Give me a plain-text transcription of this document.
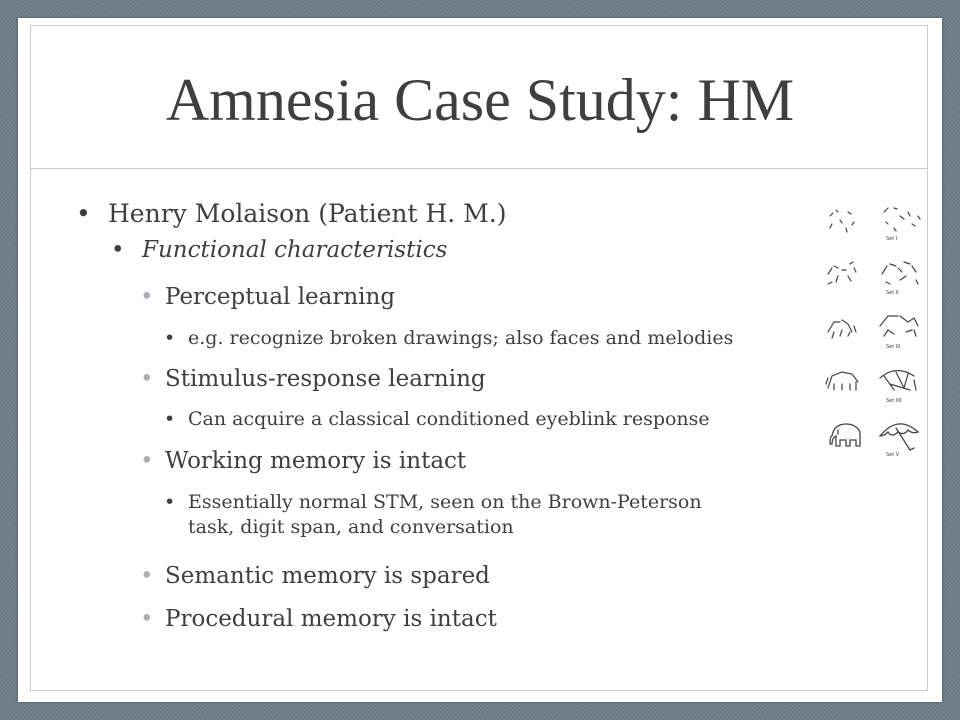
Amnesia Case Study: HM
• Henry Molaison (Patient H. M.)
• Functional characteristics
• Perceptual learning
• e.g. recognize broken drawings; also faces and melodies
• Stimulus-response learning
• Can acquire a classical conditioned eyeblink response
• Working memory is intact
• Essentially normal STM, seen on the Brown-Peterson
task, digit span, and conversation
• Semantic memory is spared
• Procedural memory is intact
Set I
Set II
Set III
Set IIII
Set V
